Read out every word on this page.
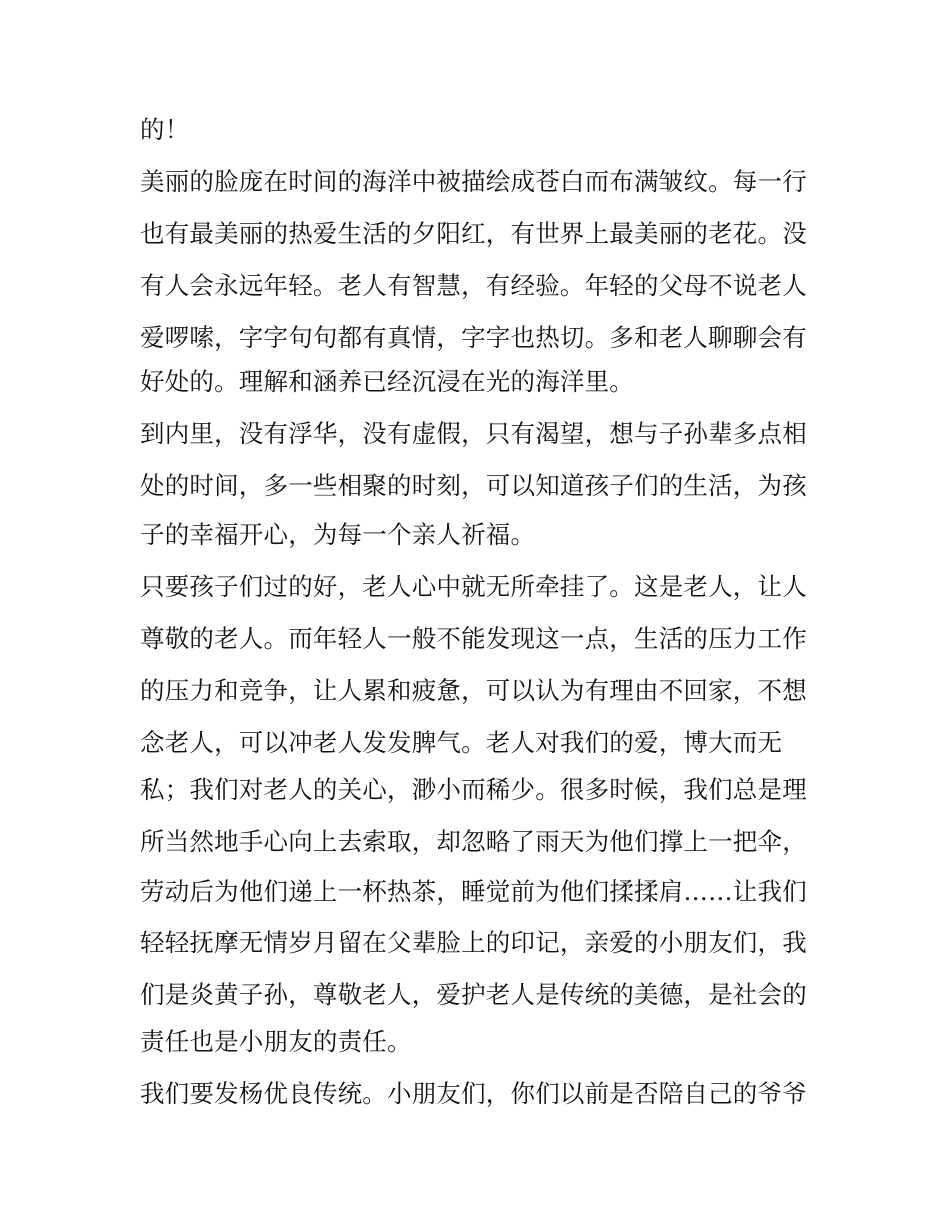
的！
美丽的脸庞在时间的海洋中被描绘成苍白而布满皱纹。每一行
也有最美丽的热爱生活的夕阳红，有世界上最美丽的老花。没
有人会永远年轻。老人有智慧，有经验。年轻的父母不说老人
爱啰嗦，字字句句都有真情，字字也热切。多和老人聊聊会有
好处的。理解和涵养已经沉浸在光的海洋里。
到内里，没有浮华，没有虚假，只有渴望，想与子孙辈多点相
处的时间，多一些相聚的时刻，可以知道孩子们的生活，为孩
子的幸福开心，为每一个亲人祈福。
只要孩子们过的好，老人心中就无所牵挂了。这是老人，让人
尊敬的老人。而年轻人一般不能发现这一点，生活的压力工作
的压力和竞争，让人累和疲惫，可以认为有理由不回家，不想
念老人，可以冲老人发发脾气。老人对我们的爱，博大而无
私；我们对老人的关心，渺小而稀少。很多时候，我们总是理
所当然地手心向上去索取，却忽略了雨天为他们撑上一把伞，
劳动后为他们递上一杯热茶，睡觉前为他们揉揉肩……让我们
轻轻抚摩无情岁月留在父辈脸上的印记，亲爱的小朋友们，我
们是炎黄子孙，尊敬老人，爱护老人是传统的美德，是社会的
责任也是小朋友的责任。
我们要发杨优良传统。小朋友们，你们以前是否陪自己的爷爷
